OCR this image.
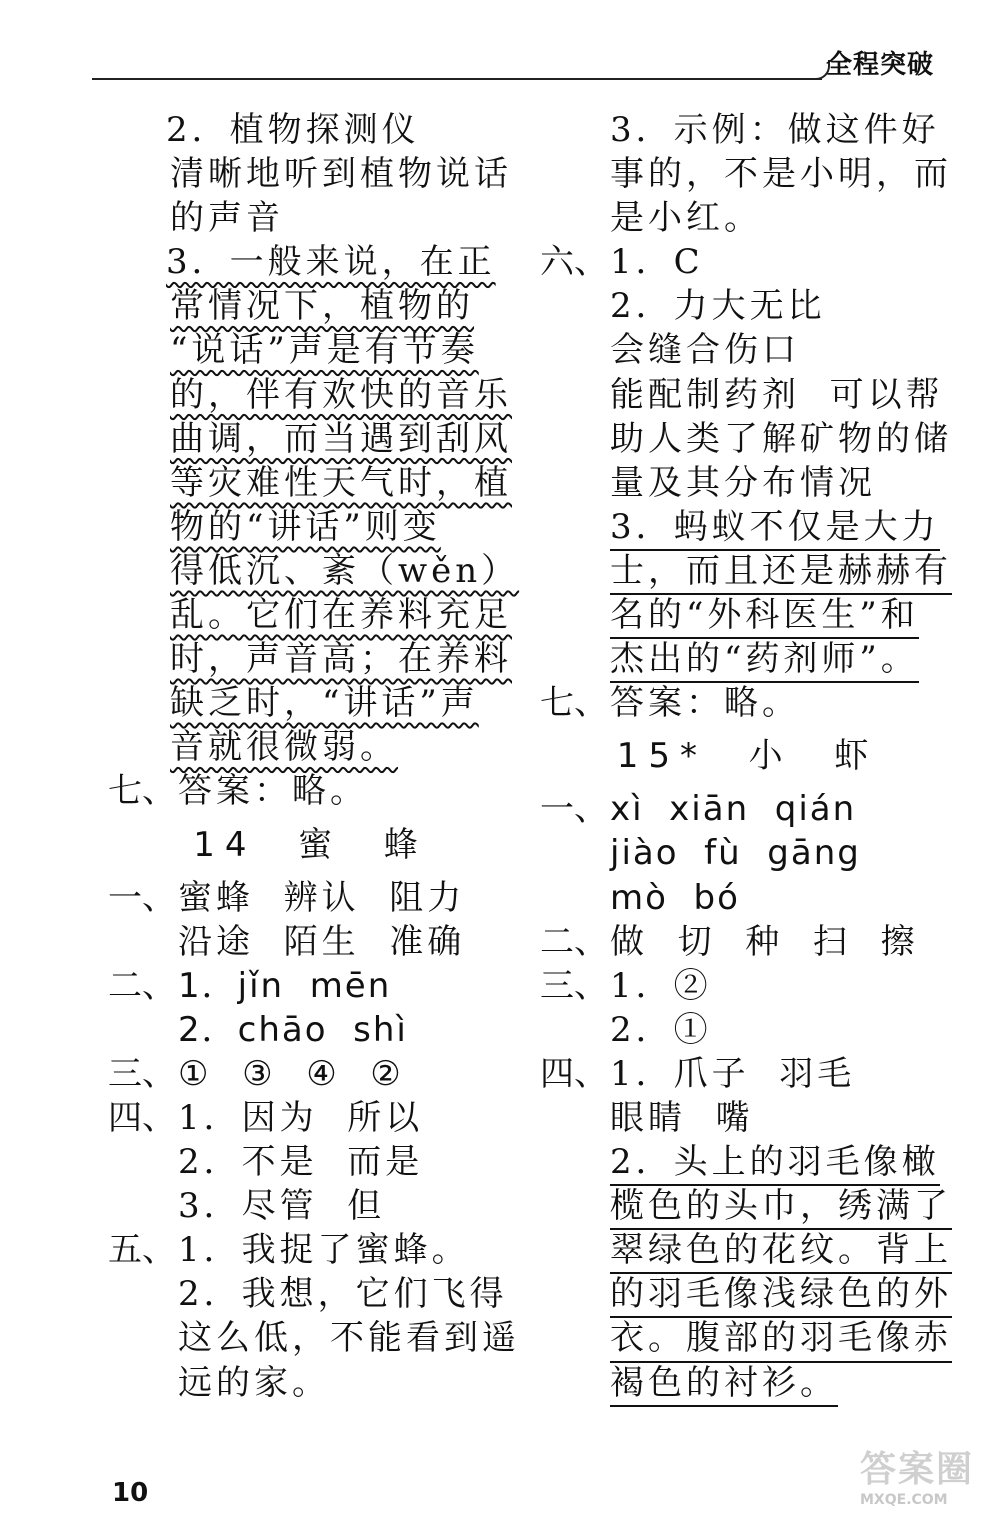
全程突破
2．植物探测仪
清晰地听到植物说话
的声音
3．一般来说，在正
常情况下，植物的
“说话”声是有节奏
的，伴有欢快的音乐
曲调，而当遇到刮风
等灾难性天气时，植
物的“讲话”则变
得低沉、紊（wěn）
乱。它们在养料充足
时，声音高；在养料
缺乏时，“讲话”声
音就很微弱。
七、 答案：略。
14  蜜  蜂
一、 蜜蜂  辨认  阻力
沿途  陌生  准确
二、 1．jǐn  mēn
2．chāo  shì
三、 ①  ③  ④  ②
四、 1．因为  所以
2．不是  而是
3．尽管  但
五、 1．我捉了蜜蜂。
2．我想，它们飞得
这么低，不能看到遥
远的家。
3．示例：做这件好
事的，不是小明，而
是小红。
六、 1．C
2．力大无比
会缝合伤口
能配制药剂  可以帮
助人类了解矿物的储
量及其分布情况
3．蚂蚁不仅是大力
士，而且还是赫赫有
名的“外科医生”和
杰出的“药剂师”。
七、 答案：略。
15*  小  虾
一、 xì  xiān  qián
jiào  fù  gāng
mò  bó
二、 做  切  种  扫  擦
三、 1．②
2．①
四、 1．爪子  羽毛
眼睛  嘴
2．头上的羽毛像橄
榄色的头巾，绣满了
翠绿色的花纹。背上
的羽毛像浅绿色的外
衣。腹部的羽毛像赤
褐色的衬衫。
10
答案圈
MXQE.COM
